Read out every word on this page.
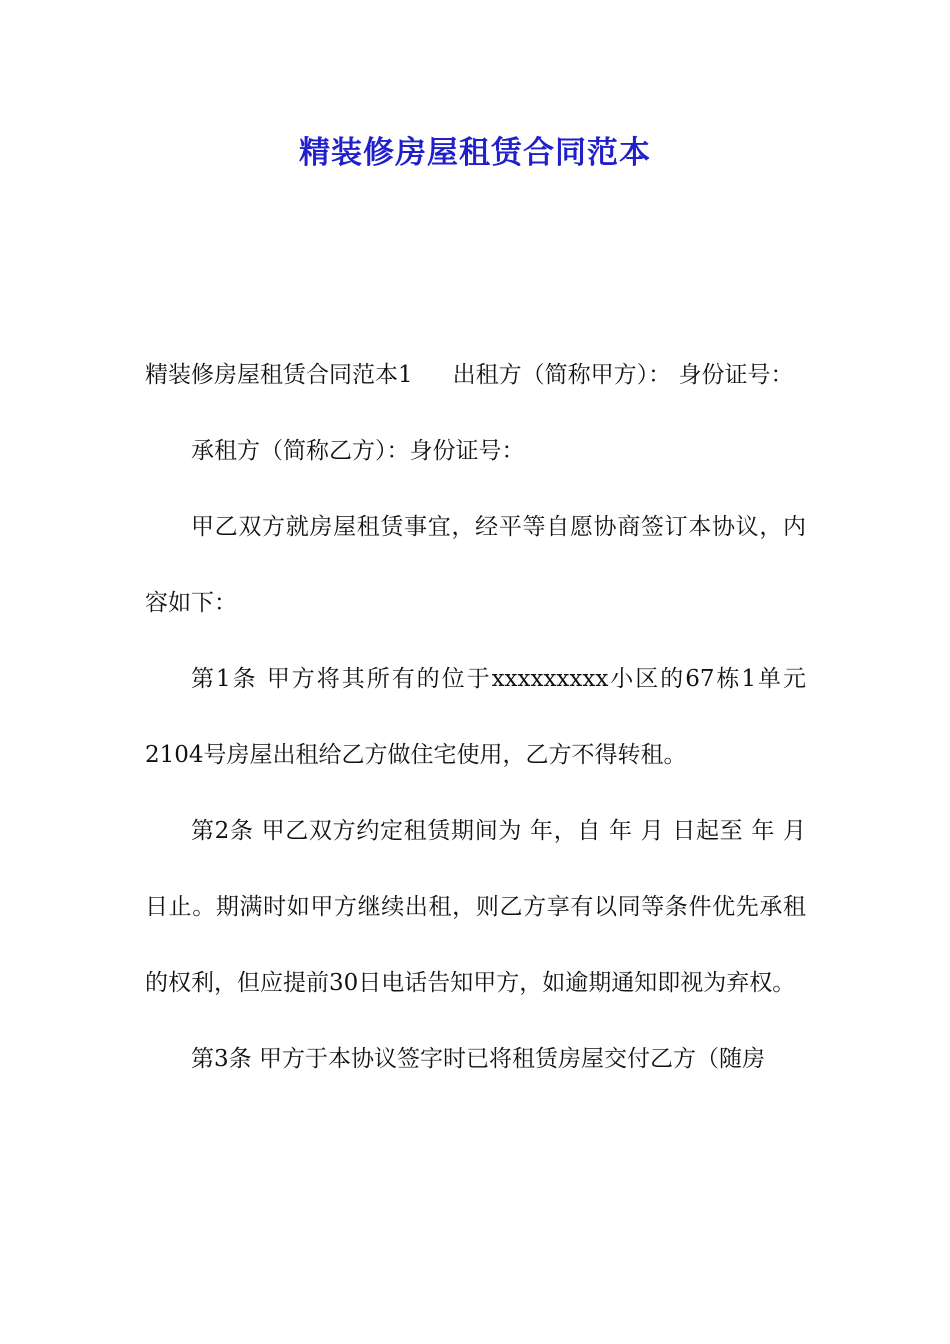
精装修房屋租赁合同范本

精装修房屋租赁合同范本1 出租方（简称甲方）： 身份证号：

承租方（简称乙方）：身份证号：

甲乙双方就房屋租赁事宜，经平等自愿协商签订本协议，内容如下：

第1条 甲方将其所有的位于xxxxxxxxx小区的67栋1单元2104号房屋出租给乙方做住宅使用，乙方不得转租。

第2条 甲乙双方约定租赁期间为 年，自 年 月 日起至 年 月 日止。期满时如甲方继续出租，则乙方享有以同等条件优先承租的权利，但应提前30日电话告知甲方，如逾期通知即视为弃权。

第3条 甲方于本协议签字时已将租赁房屋交付乙方（随房
